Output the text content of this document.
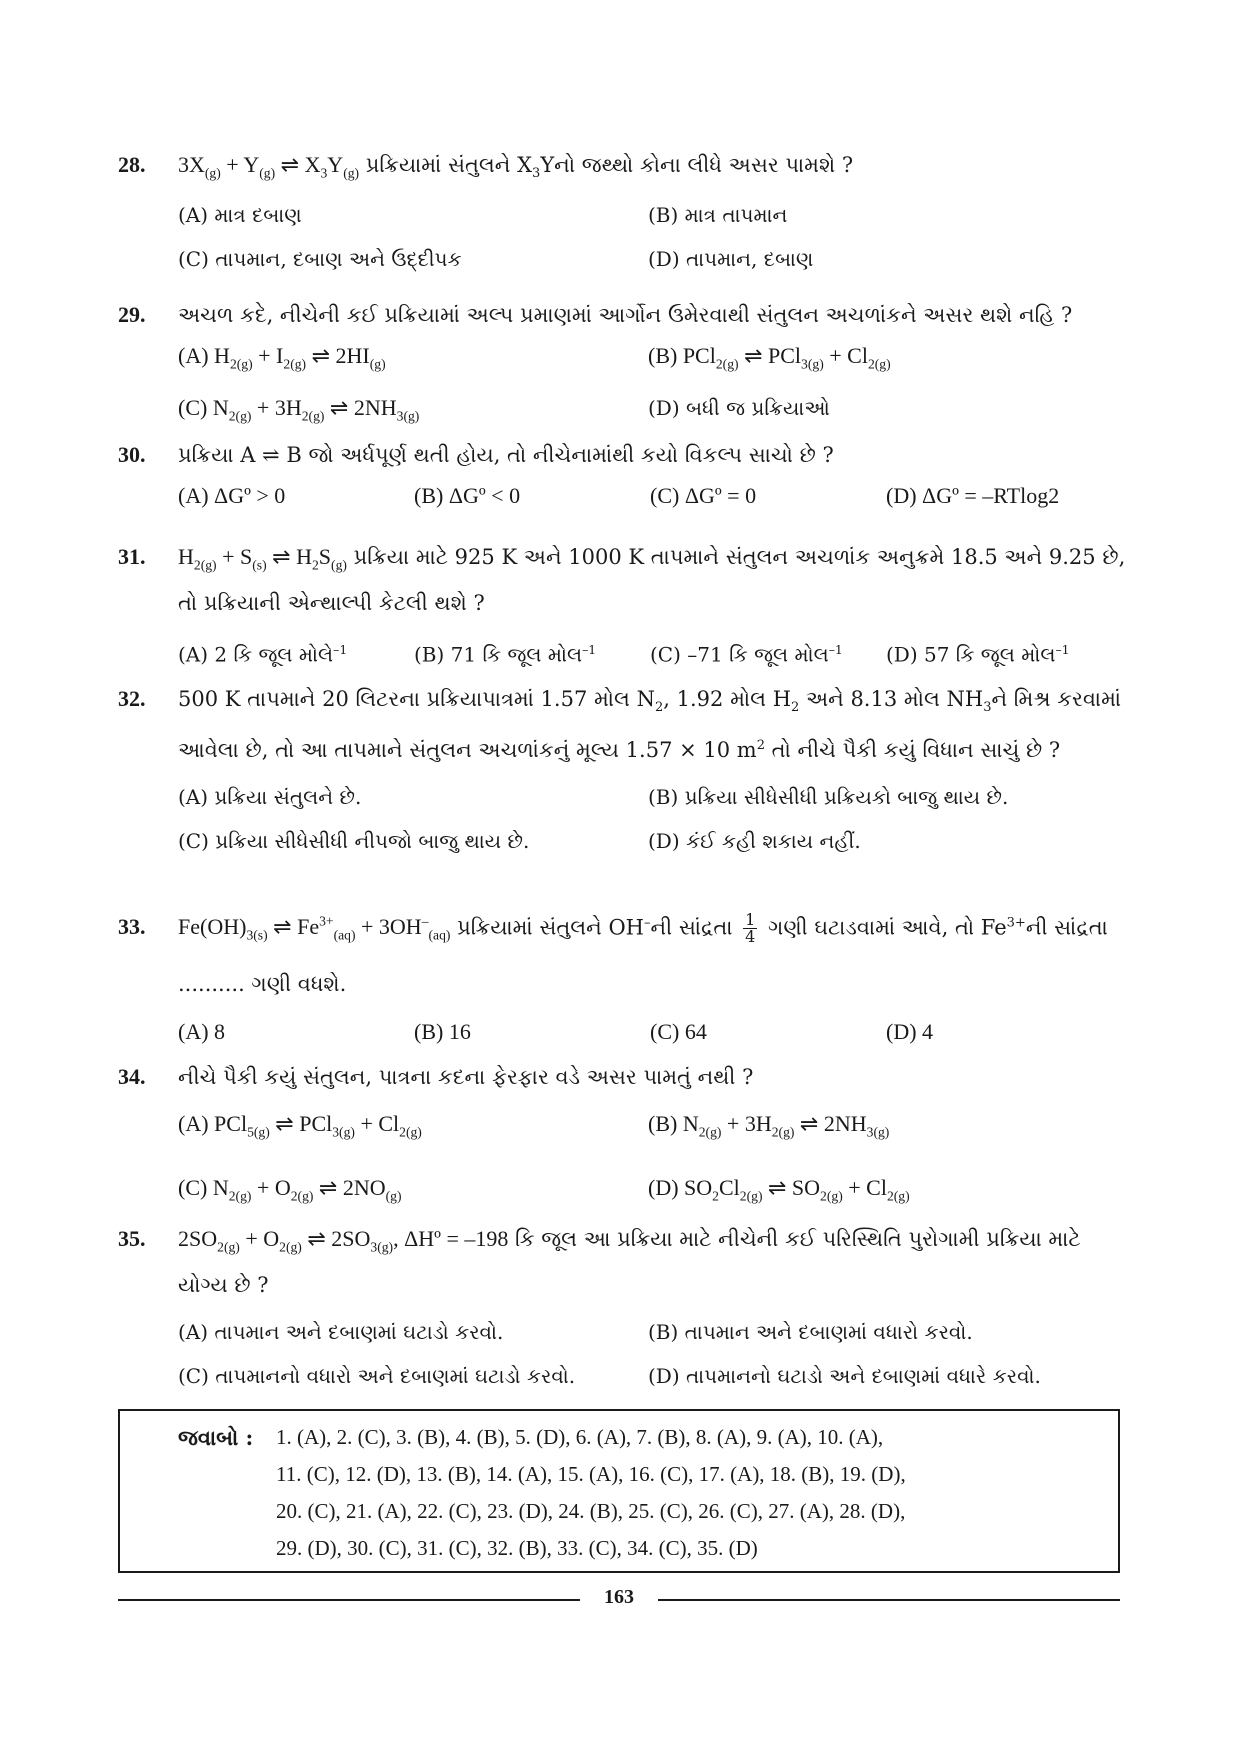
28.	$3X_{(g)} + Y_{(g)}$ ⇌ $X_3Y_{(g)}$ પ્રક્રિયામાં સંતુલને $X_3Yનો$ જથ્થો કોના લીધે અસર પામશે ?
(A) માત્ર દબાણ	(B) માત્ર તાપમાન
(C) તાપમાન, દબાણ અને ઉદ્દીપક	(D) તાપમાન, દબાણ
29.	અચળ કદે, નીચેની કઈ પ્રક્રિયામાં અલ્પ પ્રમાણમાં આર્ગોન ઉમેરવાથી સંતુલન અચળાંકને અસર થશે નહિ ?
(A) $H_{2(g)} + I_{2(g)}$ ⇌ $2HI_{(g)}$	(B) PCl$_{2(g)}$ ⇌ $PCl_{3(g)} + Cl_{2(g)}$
(C) $N_{2(g)} + 3H_{2(g)}$ ⇌ $2NH_{3(g)}$	(D) બધી જ પ્રક્રિયાઓ
30.	પ્રક્રિયા A ⇌ B જો અર્ધપૂર્ણ થતી હોય, તો નીચેનામાંથી કયો વિકલ્પ સાચો છે ?
(A) ΔGº > 0	(B) ΔGº < 0	(C) ΔGº = 0	(D) ΔGº = –RTlog2
31.	$H_{2(g)} + S_{(s)}$ ⇌ $H_2S_{(g)}$ પ્રક્રિયા માટે 925 K અને 1000 K તાપમાને સંતુલન અચળાંક અનુક્રમે 18.5 અને 9.25 છે, તો પ્રક્રિયાની એન્થાલ્પી કેટલી થશે ?
(A) 2 કિ જૂલ મોલે$^{-1}$	(B) 71 કિ જૂલ મોલ$^{-1}$	(C) –71 કિ જૂલ મોલ$^{-1}$	(D) 57 કિ જૂલ મોલ$^{-1}$
32.	500 K તાપમાને 20 લિટરના પ્રક્રિયાપાત્રમાં 1.57 મોલ $N_2$, 1.92 મોલ $H_2$ અને 8.13 મોલ $NH_3ને$ મિશ્ર કરવામાં આવેલા છે, તો આ તાપમાને સંતુલન અચળાંકનું મૂલ્ય 1.57 × 10 $m^2$ તો નીચે પૈકી કયું વિધાન સાચું છે ?
(A) પ્રક્રિયા સંતુલને છે.	(B) પ્રક્રિયા સીધેસીધી પ્રક્રિયકો બાજુ થાય છે.
(C) પ્રક્રિયા સીધેસીધી નીપજો બાજુ થાય છે.	(D) કંઈ કહી શકાય નહીં.
33.	$Fe(OH)_{3(s)}$ ⇌ $Fe^{3+}_{(aq)} + 3OH^-_{(aq)}$ પ્રક્રિયામાં સંતુલને OH–ની સાંદ્રતા $\frac{1}{4}$ ગણી ઘટાડવામાં આવે, તો $Fe^{3+}ની$ સાંદ્રતા .......... ગણી વધશે.
(A) 8	(B) 16	(C) 64	(D) 4
34.	નીચે પૈકી કયું સંતુલન, પાત્રના કદના ફેરફાર વડે અસર પામતું નથી ?
(A) PCl$_{5(g)}$ ⇌ $PCl_{3(g)} + Cl_{2(g)}$	(B) $N_{2(g)} + 3H_{2(g)}$ ⇌ $2NH_{3(g)}$
(C) $N_{2(g)} + O_{2(g)}$ ⇌ $2NO_{(g)}$	(D) $SO_2Cl_{2(g)}$ ⇌ $SO_{2(g)} + Cl_{2(g)}$
35.	$2SO_{2(g)} + O_{2(g)}$ ⇌ $2SO_{3(g)}$, ΔHº = –198 કિ જૂલ આ પ્રક્રિયા માટે નીચેની કઈ પરિસ્થિતિ પુરોગામી પ્રક્રિયા માટે યોગ્ય છે ?
(A) તાપમાન અને દબાણમાં ઘટાડો કરવો.	(B) તાપમાન અને દબાણમાં વધારો કરવો.
(C) તાપમાનનો વધારો અને દબાણમાં ઘટાડો કરવો.	(D) તાપમાનનો ઘટાડો અને દબાણમાં વધારે કરવો.
જવાબો : 1. (A), 2. (C), 3. (B), 4. (B), 5. (D), 6. (A), 7. (B), 8. (A), 9. (A), 10. (A),
11. (C), 12. (D), 13. (B), 14. (A), 15. (A), 16. (C), 17. (A), 18. (B), 19. (D),
20. (C), 21. (A), 22. (C), 23. (D), 24. (B), 25. (C), 26. (C), 27. (A), 28. (D),
29. (D), 30. (C), 31. (C), 32. (B), 33. (C), 34. (C), 35. (D)
163
